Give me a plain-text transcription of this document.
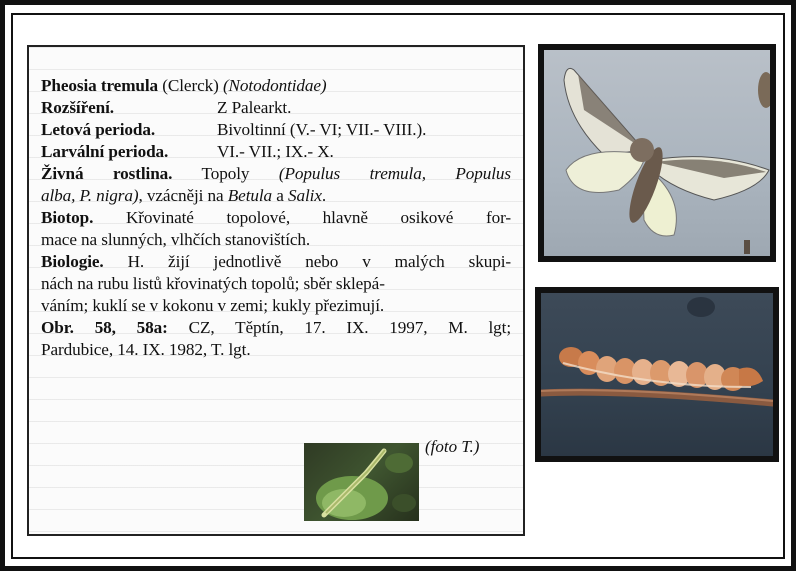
Pheosia tremula (Clerck) (Notodontidae)
Rozšíření.	Z Palearkt.
Letová perioda.	Bivoltinní (V.- VI; VII.- VIII.).
Larvální perioda.	VI.- VII.; IX.- X.
Živná rostlina. Topoly (Populus tremula, Populus
alba, P. nigra), vzácněji na Betula a Salix.
Biotop. Křovinaté topolové, hlavně osikové for-
mace na slunných, vlhčích stanovištích.
Biologie. H. žijí jednotlivě nebo v malých skupi-
nách na rubu listů křovinatých topolů; sběr sklepá-
váním; kuklí se v kokonu v zemi; kukly přezimují.
Obr. 58, 58a: CZ, Těptín, 17. IX. 1997, M. lgt;
Pardubice, 14. IX. 1982, T. lgt.
(foto T.)
